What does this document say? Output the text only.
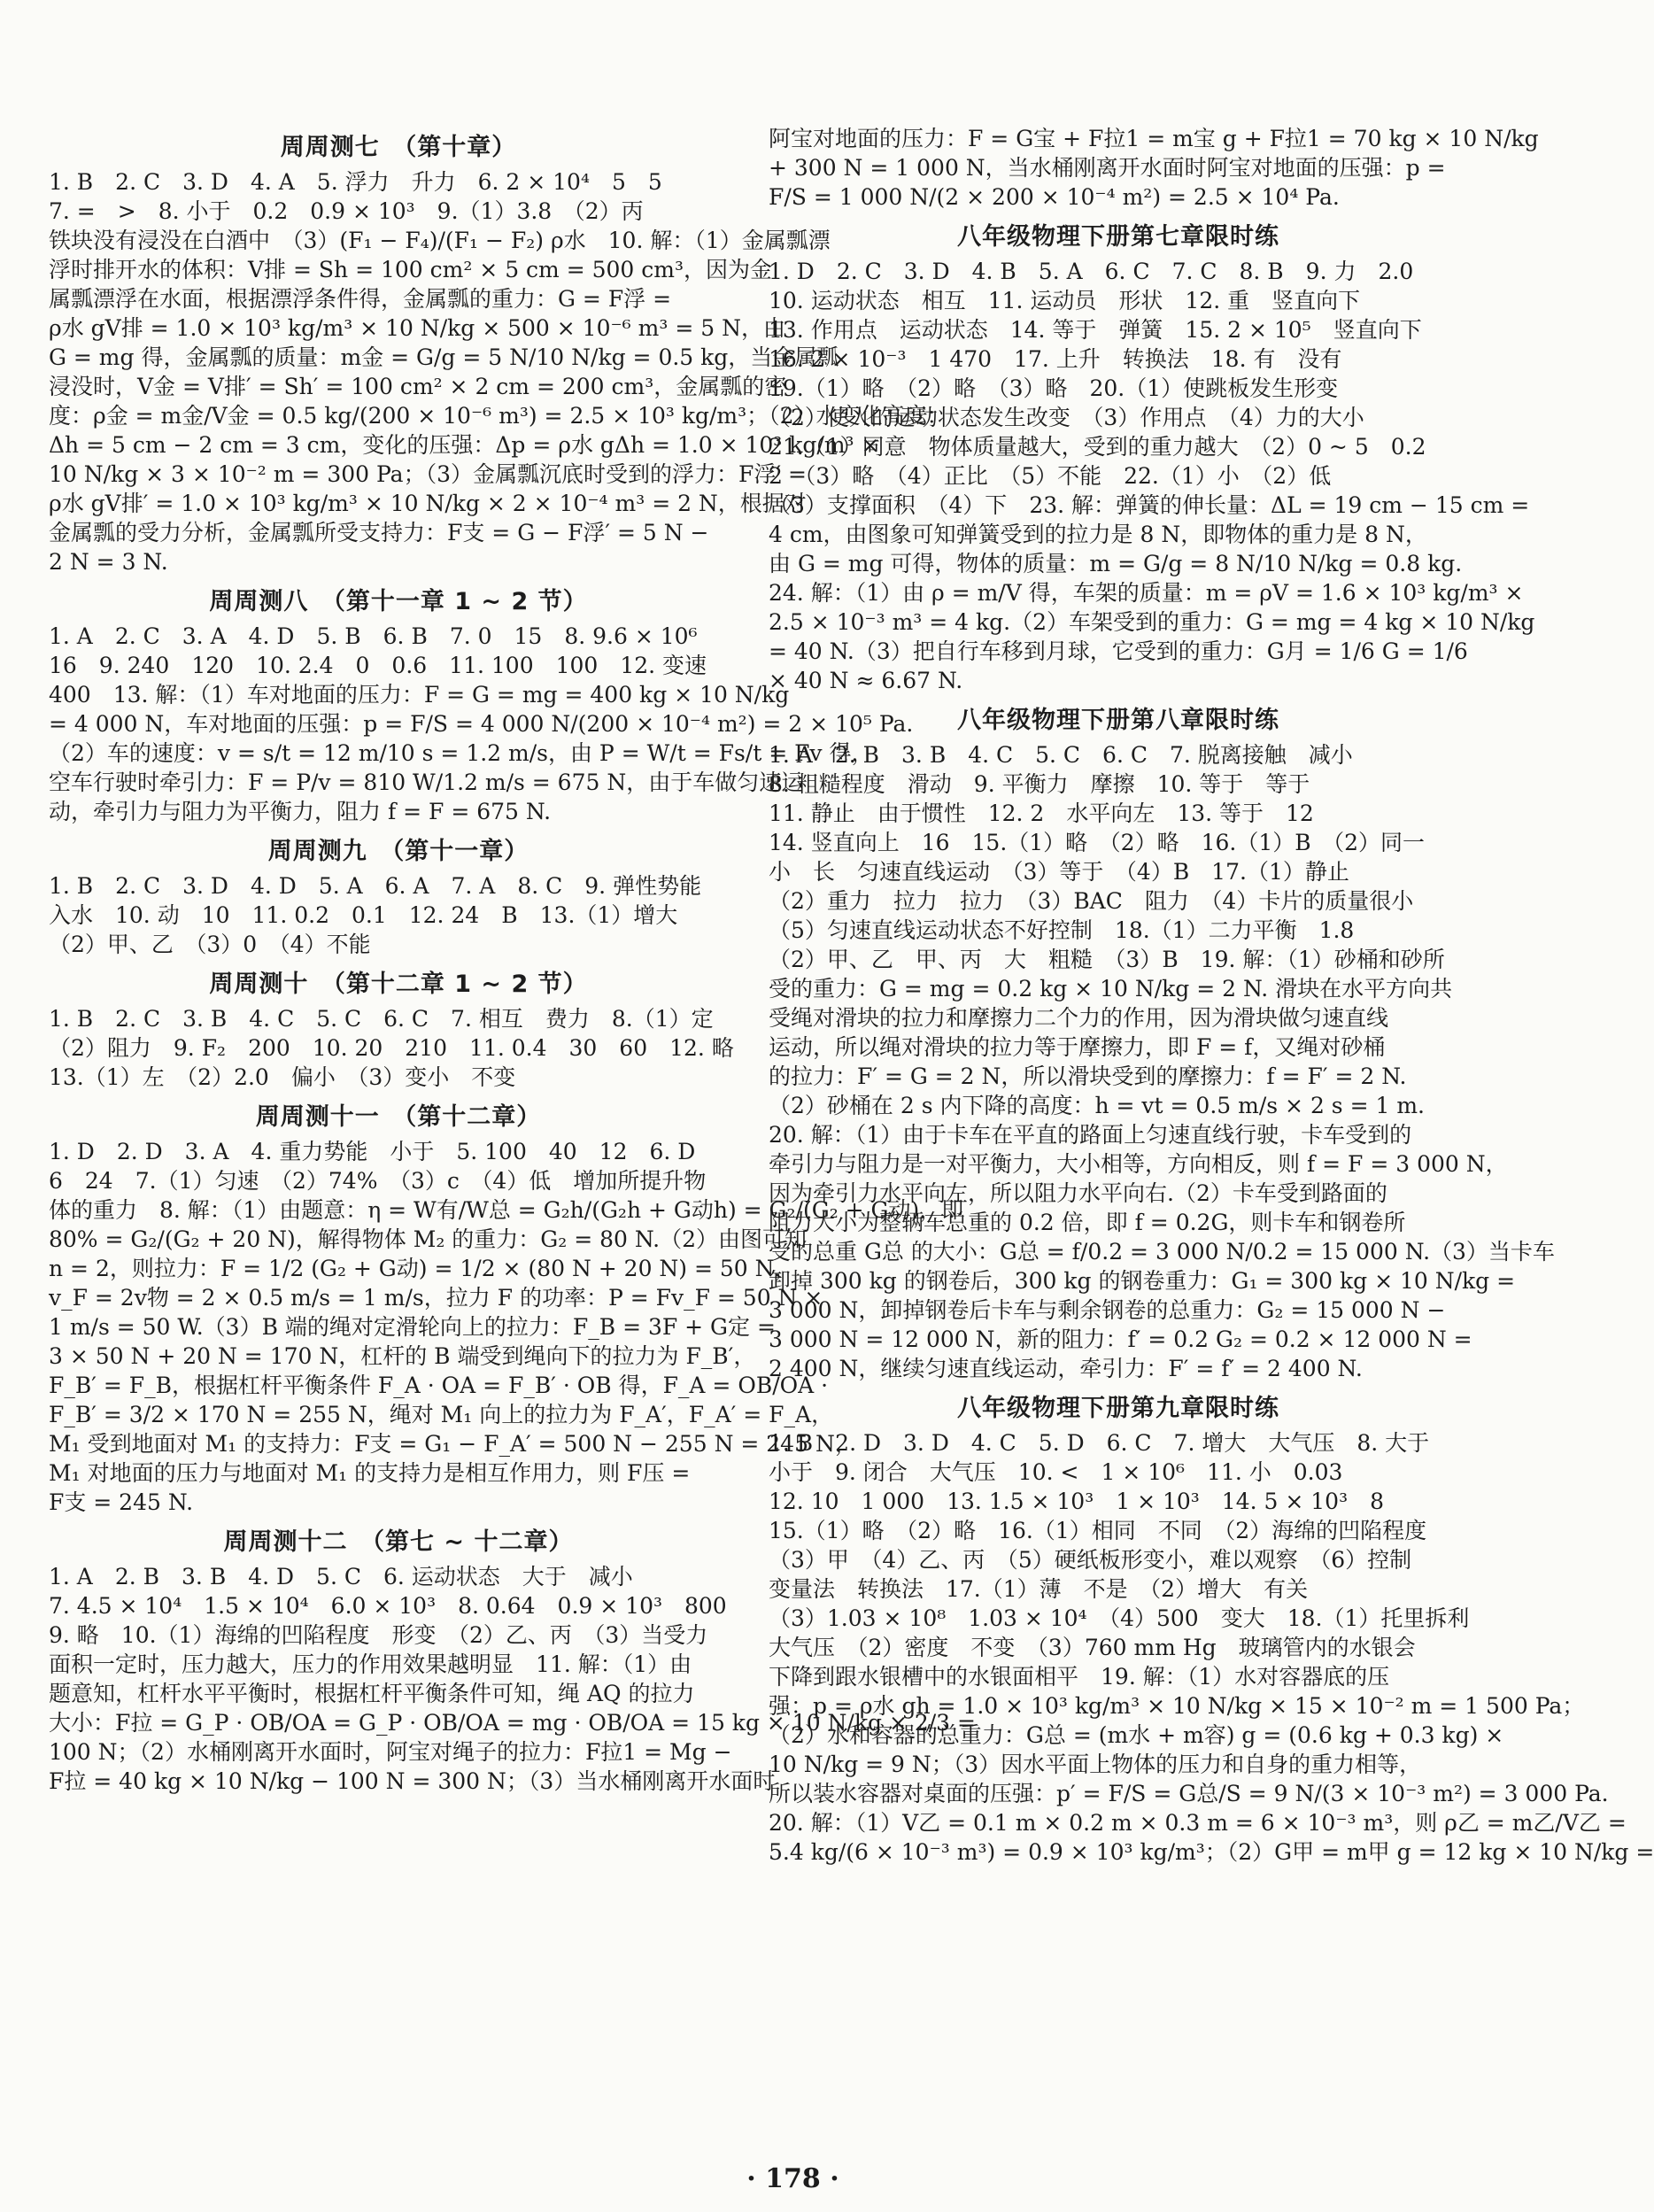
周周测七　（第十章）
1. B　2. C　3. D　4. A　5. 浮力　升力　6. 2 × 10⁴　5　5
7. =　>　8. 小于　0.2　0.9 × 10³　9.（1）3.8　（2）丙
铁块没有浸没在白酒中　（3）(F₁ − F₄)/(F₁ − F₂) ρ水　10. 解：（1）金属瓢漂
浮时排开水的体积：V排 = Sh = 100 cm² × 5 cm = 500 cm³，因为金
属瓢漂浮在水面，根据漂浮条件得，金属瓢的重力：G = F浮 =
ρ水 gV排 = 1.0 × 10³ kg/m³ × 10 N/kg × 500 × 10⁻⁶ m³ = 5 N，由
G = mg 得，金属瓢的质量：m金 = G/g = 5 N/10 N/kg = 0.5 kg，当金属瓢
浸没时，V金 = V排′ = Sh′ = 100 cm² × 2 cm = 200 cm³，金属瓢的密
度：ρ金 = m金/V金 = 0.5 kg/(200 × 10⁻⁶ m³) = 2.5 × 10³ kg/m³；（2）水变化高度：
Δh = 5 cm − 2 cm = 3 cm，变化的压强：Δp = ρ水 gΔh = 1.0 × 10³ kg/m³ ×
10 N/kg × 3 × 10⁻² m = 300 Pa；（3）金属瓢沉底时受到的浮力：F浮′ =
ρ水 gV排′ = 1.0 × 10³ kg/m³ × 10 N/kg × 2 × 10⁻⁴ m³ = 2 N，根据对
金属瓢的受力分析，金属瓢所受支持力：F支 = G − F浮′ = 5 N −
2 N = 3 N.
周周测八　（第十一章 1 ~ 2 节）
1. A　2. C　3. A　4. D　5. B　6. B　7. 0　15　8. 9.6 × 10⁶
16　9. 240　120　10. 2.4　0　0.6　11. 100　100　12. 变速
400　13. 解：（1）车对地面的压力：F = G = mg = 400 kg × 10 N/kg
= 4 000 N，车对地面的压强：p = F/S = 4 000 N/(200 × 10⁻⁴ m²) = 2 × 10⁵ Pa.
（2）车的速度：v = s/t = 12 m/10 s = 1.2 m/s，由 P = W/t = Fs/t = Fv 得，
空车行驶时牵引力：F = P/v = 810 W/1.2 m/s = 675 N，由于车做匀速运
动，牵引力与阻力为平衡力，阻力 f = F = 675 N.
周周测九　（第十一章）
1. B　2. C　3. D　4. D　5. A　6. A　7. A　8. C　9. 弹性势能
入水　10. 动　10　11. 0.2　0.1　12. 24　B　13.（1）增大
（2）甲、乙　（3）0　（4）不能
周周测十　（第十二章 1 ~ 2 节）
1. B　2. C　3. B　4. C　5. C　6. C　7. 相互　费力　8.（1）定
（2）阻力　9. F₂　200　10. 20　210　11. 0.4　30　60　12. 略
13.（1）左　（2）2.0　偏小　（3）变小　不变
周周测十一　（第十二章）
1. D　2. D　3. A　4. 重力势能　小于　5. 100　40　12　6. D
6　24　7.（1）匀速　（2）74%　（3）c　（4）低　增加所提升物
体的重力　8. 解：（1）由题意：η = W有/W总 = G₂h/(G₂h + G动h) = G₂/(G₂ + G动)，即
80% = G₂/(G₂ + 20 N)，解得物体 M₂ 的重力：G₂ = 80 N.（2）由图可知
n = 2，则拉力：F = 1/2 (G₂ + G动) = 1/2 × (80 N + 20 N) = 50 N，
v_F = 2v物 = 2 × 0.5 m/s = 1 m/s，拉力 F 的功率：P = Fv_F = 50 N ×
1 m/s = 50 W.（3）B 端的绳对定滑轮向上的拉力：F_B = 3F + G定 =
3 × 50 N + 20 N = 170 N，杠杆的 B 端受到绳向下的拉力为 F_B′，
F_B′ = F_B，根据杠杆平衡条件 F_A · OA = F_B′ · OB 得，F_A = OB/OA ·
F_B′ = 3/2 × 170 N = 255 N，绳对 M₁ 向上的拉力为 F_A′，F_A′ = F_A，
M₁ 受到地面对 M₁ 的支持力：F支 = G₁ − F_A′ = 500 N − 255 N = 245 N，
M₁ 对地面的压力与地面对 M₁ 的支持力是相互作用力，则 F压 =
F支 = 245 N.
周周测十二　（第七 ~ 十二章）
1. A　2. B　3. B　4. D　5. C　6. 运动状态　大于　减小
7. 4.5 × 10⁴　1.5 × 10⁴　6.0 × 10³　8. 0.64　0.9 × 10³　800
9. 略　10.（1）海绵的凹陷程度　形变　（2）乙、丙　（3）当受力
面积一定时，压力越大，压力的作用效果越明显　11. 解：（1）由
题意知，杠杆水平平衡时，根据杠杆平衡条件可知，绳 AQ 的拉力
大小：F拉 = G_P · OB/OA = G_P · OB/OA = mg · OB/OA = 15 kg × 10 N/kg × 2/3 =
100 N；（2）水桶刚离开水面时，阿宝对绳子的拉力：F拉1 = Mg −
F拉 = 40 kg × 10 N/kg − 100 N = 300 N；（3）当水桶刚离开水面时
阿宝对地面的压力：F = G宝 + F拉1 = m宝 g + F拉1 = 70 kg × 10 N/kg
+ 300 N = 1 000 N，当水桶刚离开水面时阿宝对地面的压强：p =
F/S = 1 000 N/(2 × 200 × 10⁻⁴ m²) = 2.5 × 10⁴ Pa.
八年级物理下册第七章限时练
1. D　2. C　3. D　4. B　5. A　6. C　7. C　8. B　9. 力　2.0
10. 运动状态　相互　11. 运动员　形状　12. 重　竖直向下
13. 作用点　运动状态　14. 等于　弹簧　15. 2 × 10⁵　竖直向下
16. 2 × 10⁻³　1 470　17. 上升　转换法　18. 有　没有
19.（1）略　（2）略　（3）略　20.（1）使跳板发生形变
（2）使人的运动状态发生改变　（3）作用点　（4）力的大小
21.（1）同意　物体质量越大，受到的重力越大　（2）0 ~ 5　0.2
2　（3）略　（4）正比　（5）不能　22.（1）小　（2）低
（3）支撑面积　（4）下　23. 解：弹簧的伸长量：ΔL = 19 cm − 15 cm =
4 cm，由图象可知弹簧受到的拉力是 8 N，即物体的重力是 8 N，
由 G = mg 可得，物体的质量：m = G/g = 8 N/10 N/kg = 0.8 kg.
24. 解：（1）由 ρ = m/V 得，车架的质量：m = ρV = 1.6 × 10³ kg/m³ ×
2.5 × 10⁻³ m³ = 4 kg.（2）车架受到的重力：G = mg = 4 kg × 10 N/kg
= 40 N.（3）把自行车移到月球，它受到的重力：G月 = 1/6 G = 1/6
× 40 N ≈ 6.67 N.
八年级物理下册第八章限时练
1. A　2. B　3. B　4. C　5. C　6. C　7. 脱离接触　减小
8. 粗糙程度　滑动　9. 平衡力　摩擦　10. 等于　等于
11. 静止　由于惯性　12. 2　水平向左　13. 等于　12
14. 竖直向上　16　15.（1）略　（2）略　16.（1）B　（2）同一
小　长　匀速直线运动　（3）等于　（4）B　17.（1）静止
（2）重力　拉力　拉力　（3）BAC　阻力　（4）卡片的质量很小
（5）匀速直线运动状态不好控制　18.（1）二力平衡　1.8
（2）甲、乙　甲、丙　大　粗糙　（3）B　19. 解：（1）砂桶和砂所
受的重力：G = mg = 0.2 kg × 10 N/kg = 2 N. 滑块在水平方向共
受绳对滑块的拉力和摩擦力二个力的作用，因为滑块做匀速直线
运动，所以绳对滑块的拉力等于摩擦力，即 F = f，又绳对砂桶
的拉力：F′ = G = 2 N，所以滑块受到的摩擦力：f = F′ = 2 N.
（2）砂桶在 2 s 内下降的高度：h = vt = 0.5 m/s × 2 s = 1 m.
20. 解：（1）由于卡车在平直的路面上匀速直线行驶，卡车受到的
牵引力与阻力是一对平衡力，大小相等，方向相反，则 f = F = 3 000 N，
因为牵引力水平向左，所以阻力水平向右.（2）卡车受到路面的
阻力大小为整辆车总重的 0.2 倍，即 f = 0.2G，则卡车和钢卷所
受的总重 G总 的大小：G总 = f/0.2 = 3 000 N/0.2 = 15 000 N.（3）当卡车
卸掉 300 kg 的钢卷后，300 kg 的钢卷重力：G₁ = 300 kg × 10 N/kg =
3 000 N，卸掉钢卷后卡车与剩余钢卷的总重力：G₂ = 15 000 N −
3 000 N = 12 000 N，新的阻力：f′ = 0.2 G₂ = 0.2 × 12 000 N =
2 400 N，继续匀速直线运动，牵引力：F′ = f′ = 2 400 N.
八年级物理下册第九章限时练
1. B　2. D　3. D　4. C　5. D　6. C　7. 增大　大气压　8. 大于
小于　9. 闭合　大气压　10. <　1 × 10⁶　11. 小　0.03
12. 10　1 000　13. 1.5 × 10³　1 × 10³　14. 5 × 10³　8
15.（1）略　（2）略　16.（1）相同　不同　（2）海绵的凹陷程度
（3）甲　（4）乙、丙　（5）硬纸板形变小，难以观察　（6）控制
变量法　转换法　17.（1）薄　不是　（2）增大　有关
（3）1.03 × 10⁸　1.03 × 10⁴　（4）500　变大　18.（1）托里拆利
大气压　（2）密度　不变　（3）760 mm Hg　玻璃管内的水银会
下降到跟水银槽中的水银面相平　19. 解：（1）水对容器底的压
强：p = ρ水 gh = 1.0 × 10³ kg/m³ × 10 N/kg × 15 × 10⁻² m = 1 500 Pa；
（2）水和容器的总重力：G总 = (m水 + m容) g = (0.6 kg + 0.3 kg) ×
10 N/kg = 9 N；（3）因水平面上物体的压力和自身的重力相等，
所以装水容器对桌面的压强：p′ = F/S = G总/S = 9 N/(3 × 10⁻³ m²) = 3 000 Pa.
20. 解：（1）V乙 = 0.1 m × 0.2 m × 0.3 m = 6 × 10⁻³ m³，则 ρ乙 = m乙/V乙 =
5.4 kg/(6 × 10⁻³ m³) = 0.9 × 10³ kg/m³；（2）G甲 = m甲 g = 12 kg × 10 N/kg =
· 178 ·
